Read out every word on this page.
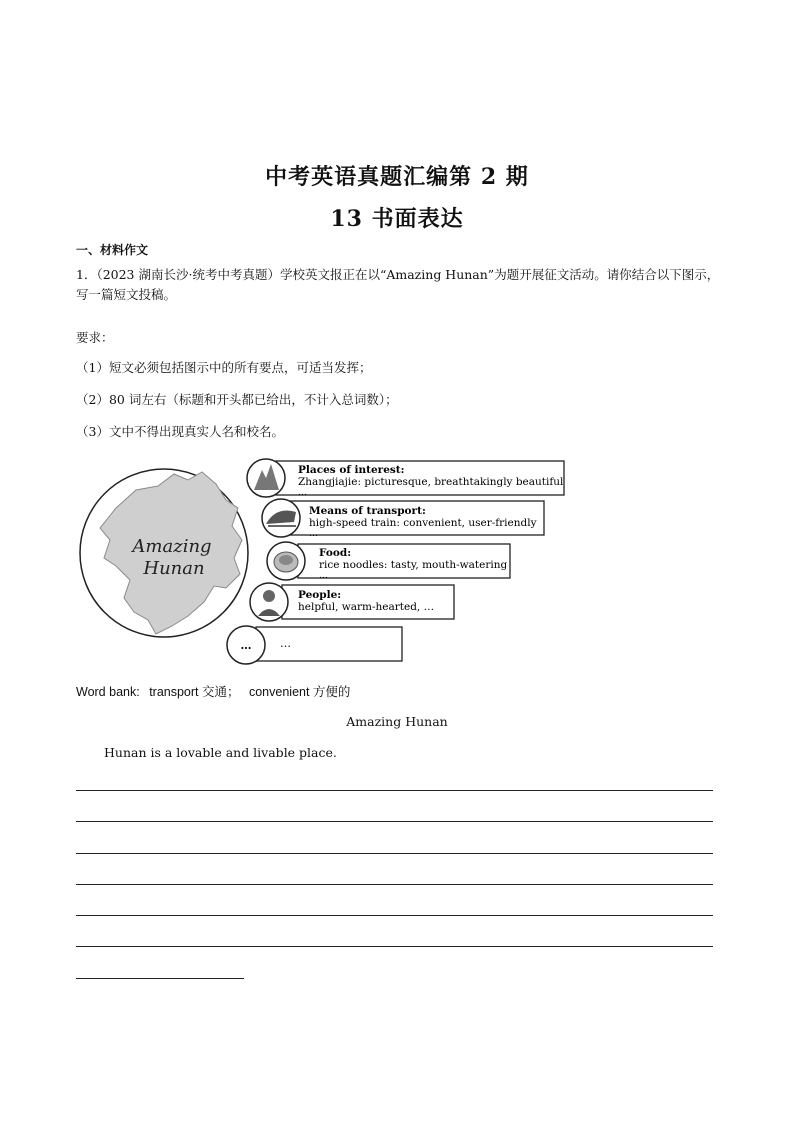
中考英语真题汇编第 2 期
13 书面表达
一、材料作文
1．（2023 湖南长沙·统考中考真题）学校英文报正在以“Amazing Hunan”为题开展征文活动。请你结合以下图示，写一篇短文投稿。
要求：
（1）短文必须包括图示中的所有要点，可适当发挥；
（2）80 词左右（标题和开头都已给出，不计入总词数）；
（3）文中不得出现真实人名和校名。
Amazing
Hunan
Places of interest:
Zhangjiajie: picturesque, breathtakingly beautiful
…
Means of transport:
high-speed train: convenient, user-friendly
…
Food:
rice noodles: tasty, mouth-watering
…
People:
helpful, warm-hearted, …
…	…
Word bank: transport 交通； convenient 方便的
Amazing Hunan
Hunan is a lovable and livable place.
